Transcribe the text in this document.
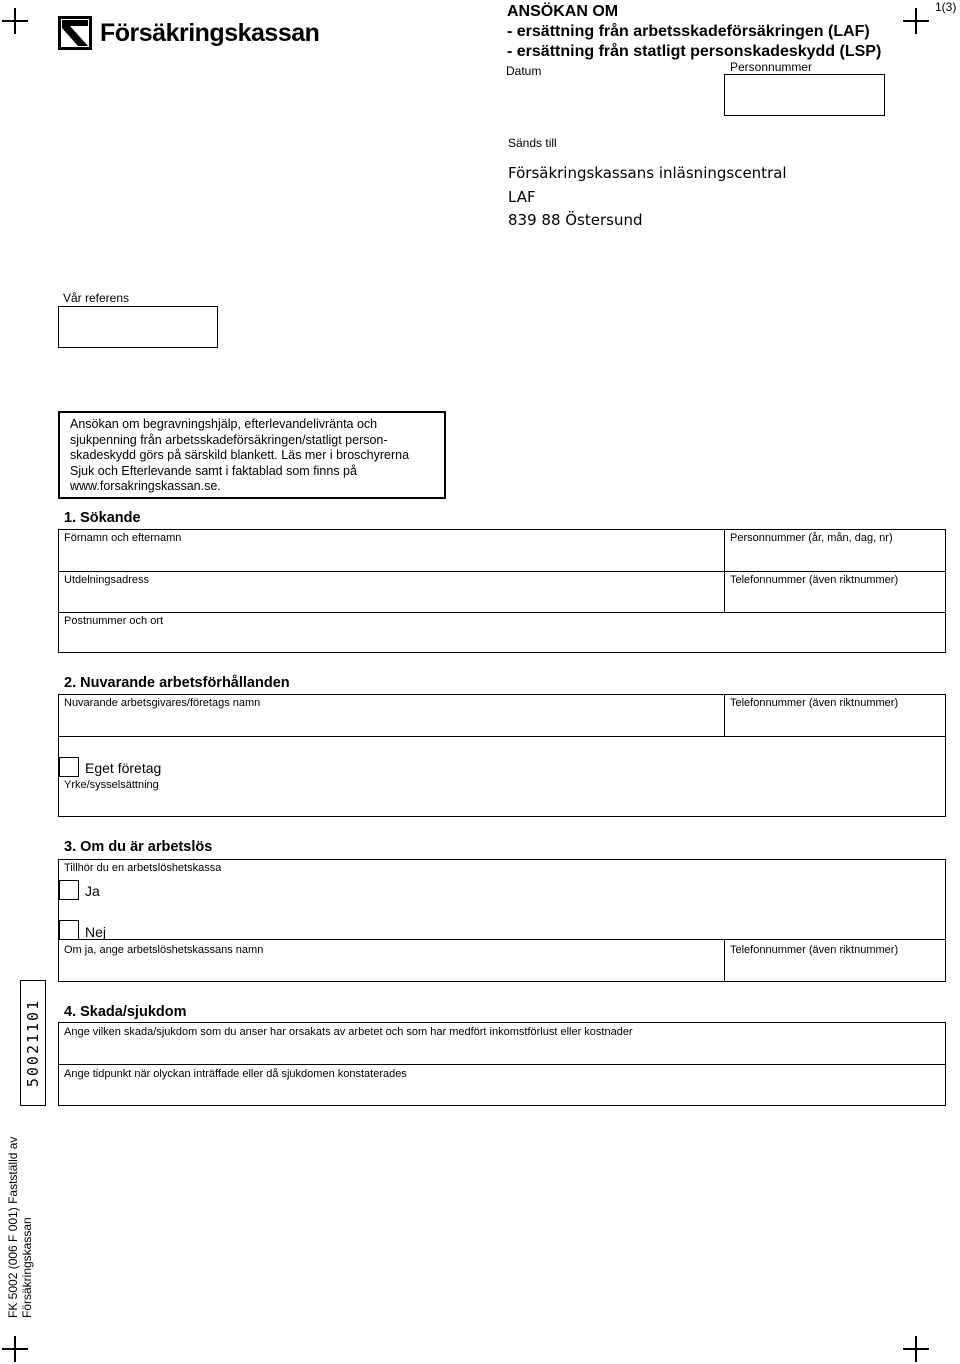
Försäkringskassan
ANSÖKAN OM
- ersättning från arbetsskadeförsäkringen (LAF)
- ersättning från statligt personskadeskydd (LSP)
1(3)
Datum	Personnummer
Sänds till
Försäkringskassans inläsningscentral
LAF
839 88 Östersund
Vår referens
Ansökan om begravningshjälp, efterlevandelivränta och
sjukpenning från arbetsskadeförsäkringen/statligt person-
skadeskydd görs på särskild blankett. Läs mer i broschyrerna
Sjuk och Efterlevande samt i faktablad som finns på
www.forsakringskassan.se.
1. Sökande
Förnamn och efternamn	Personnummer (år, mån, dag, nr)
Utdelningsadress	Telefonnummer (även riktnummer)
Postnummer och ort
2. Nuvarande arbetsförhållanden
Nuvarande arbetsgivares/företags namn	Telefonnummer (även riktnummer)
Eget företag
Yrke/sysselsättning
3. Om du är arbetslös
Tillhör du en arbetslöshetskassa
Ja
Nej
Om ja, ange arbetslöshetskassans namn	Telefonnummer (även riktnummer)
4. Skada/sjukdom
Ange vilken skada/sjukdom som du anser har orsakats av arbetet och som har medfört inkomstförlust eller kostnader
Ange tidpunkt när olyckan inträffade eller då sjukdomen konstaterades
50021101
FK 5002 (006 F 001) Fastställd av Försäkringskassan
